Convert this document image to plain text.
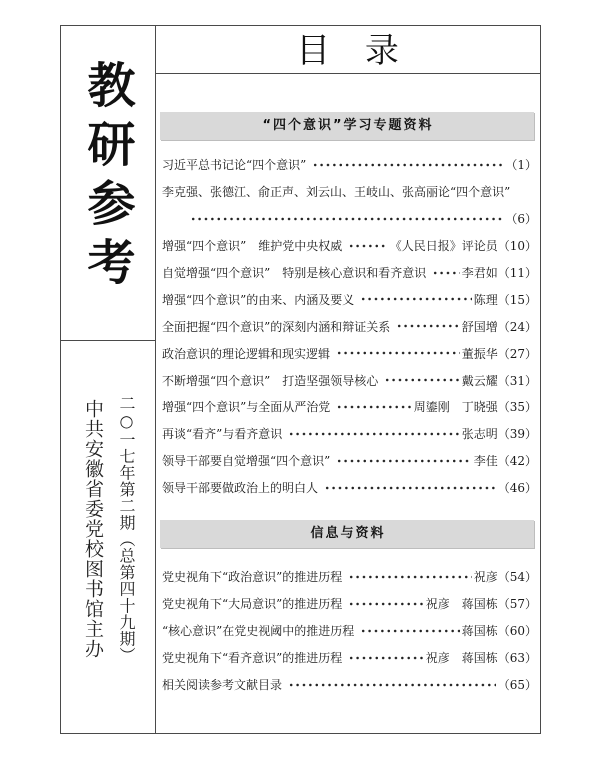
教研参考
中共安徽省委党校图书馆主办 二○一七年第二期（总第四十九期）
目 录
“四个意识”学习专题资料
习近平总书记论“四个意识”	（1）
李克强、张德江、俞正声、刘云山、王岐山、张高丽论“四个意识”
（6）
增强“四个意识”　维护党中央权威	《人民日报》评论员 （10）
自觉增强“四个意识”　特别是核心意识和看齐意识	李君如 （11）
增强“四个意识”的由来、内涵及要义	陈理 （15）
全面把握“四个意识”的深刻内涵和辩证关系	舒国增 （24）
政治意识的理论逻辑和现实逻辑	董振华 （27）
不断增强“四个意识”　打造坚强领导核心	戴云耀 （31）
增强“四个意识”与全面从严治党	周鎏刚　丁晓强 （35）
再谈“看齐”与看齐意识	张志明 （39）
领导干部要自觉增强“四个意识”	李佳 （42）
领导干部要做政治上的明白人	（46）
信息与资料
党史视角下“政治意识”的推进历程	祝彦 （54）
党史视角下“大局意识”的推进历程	祝彦　蒋国栋 （57）
“核心意识”在党史视阈中的推进历程	蒋国栋 （60）
党史视角下“看齐意识”的推进历程	祝彦　蒋国栋 （63）
相关阅读参考文献目录	（65）
